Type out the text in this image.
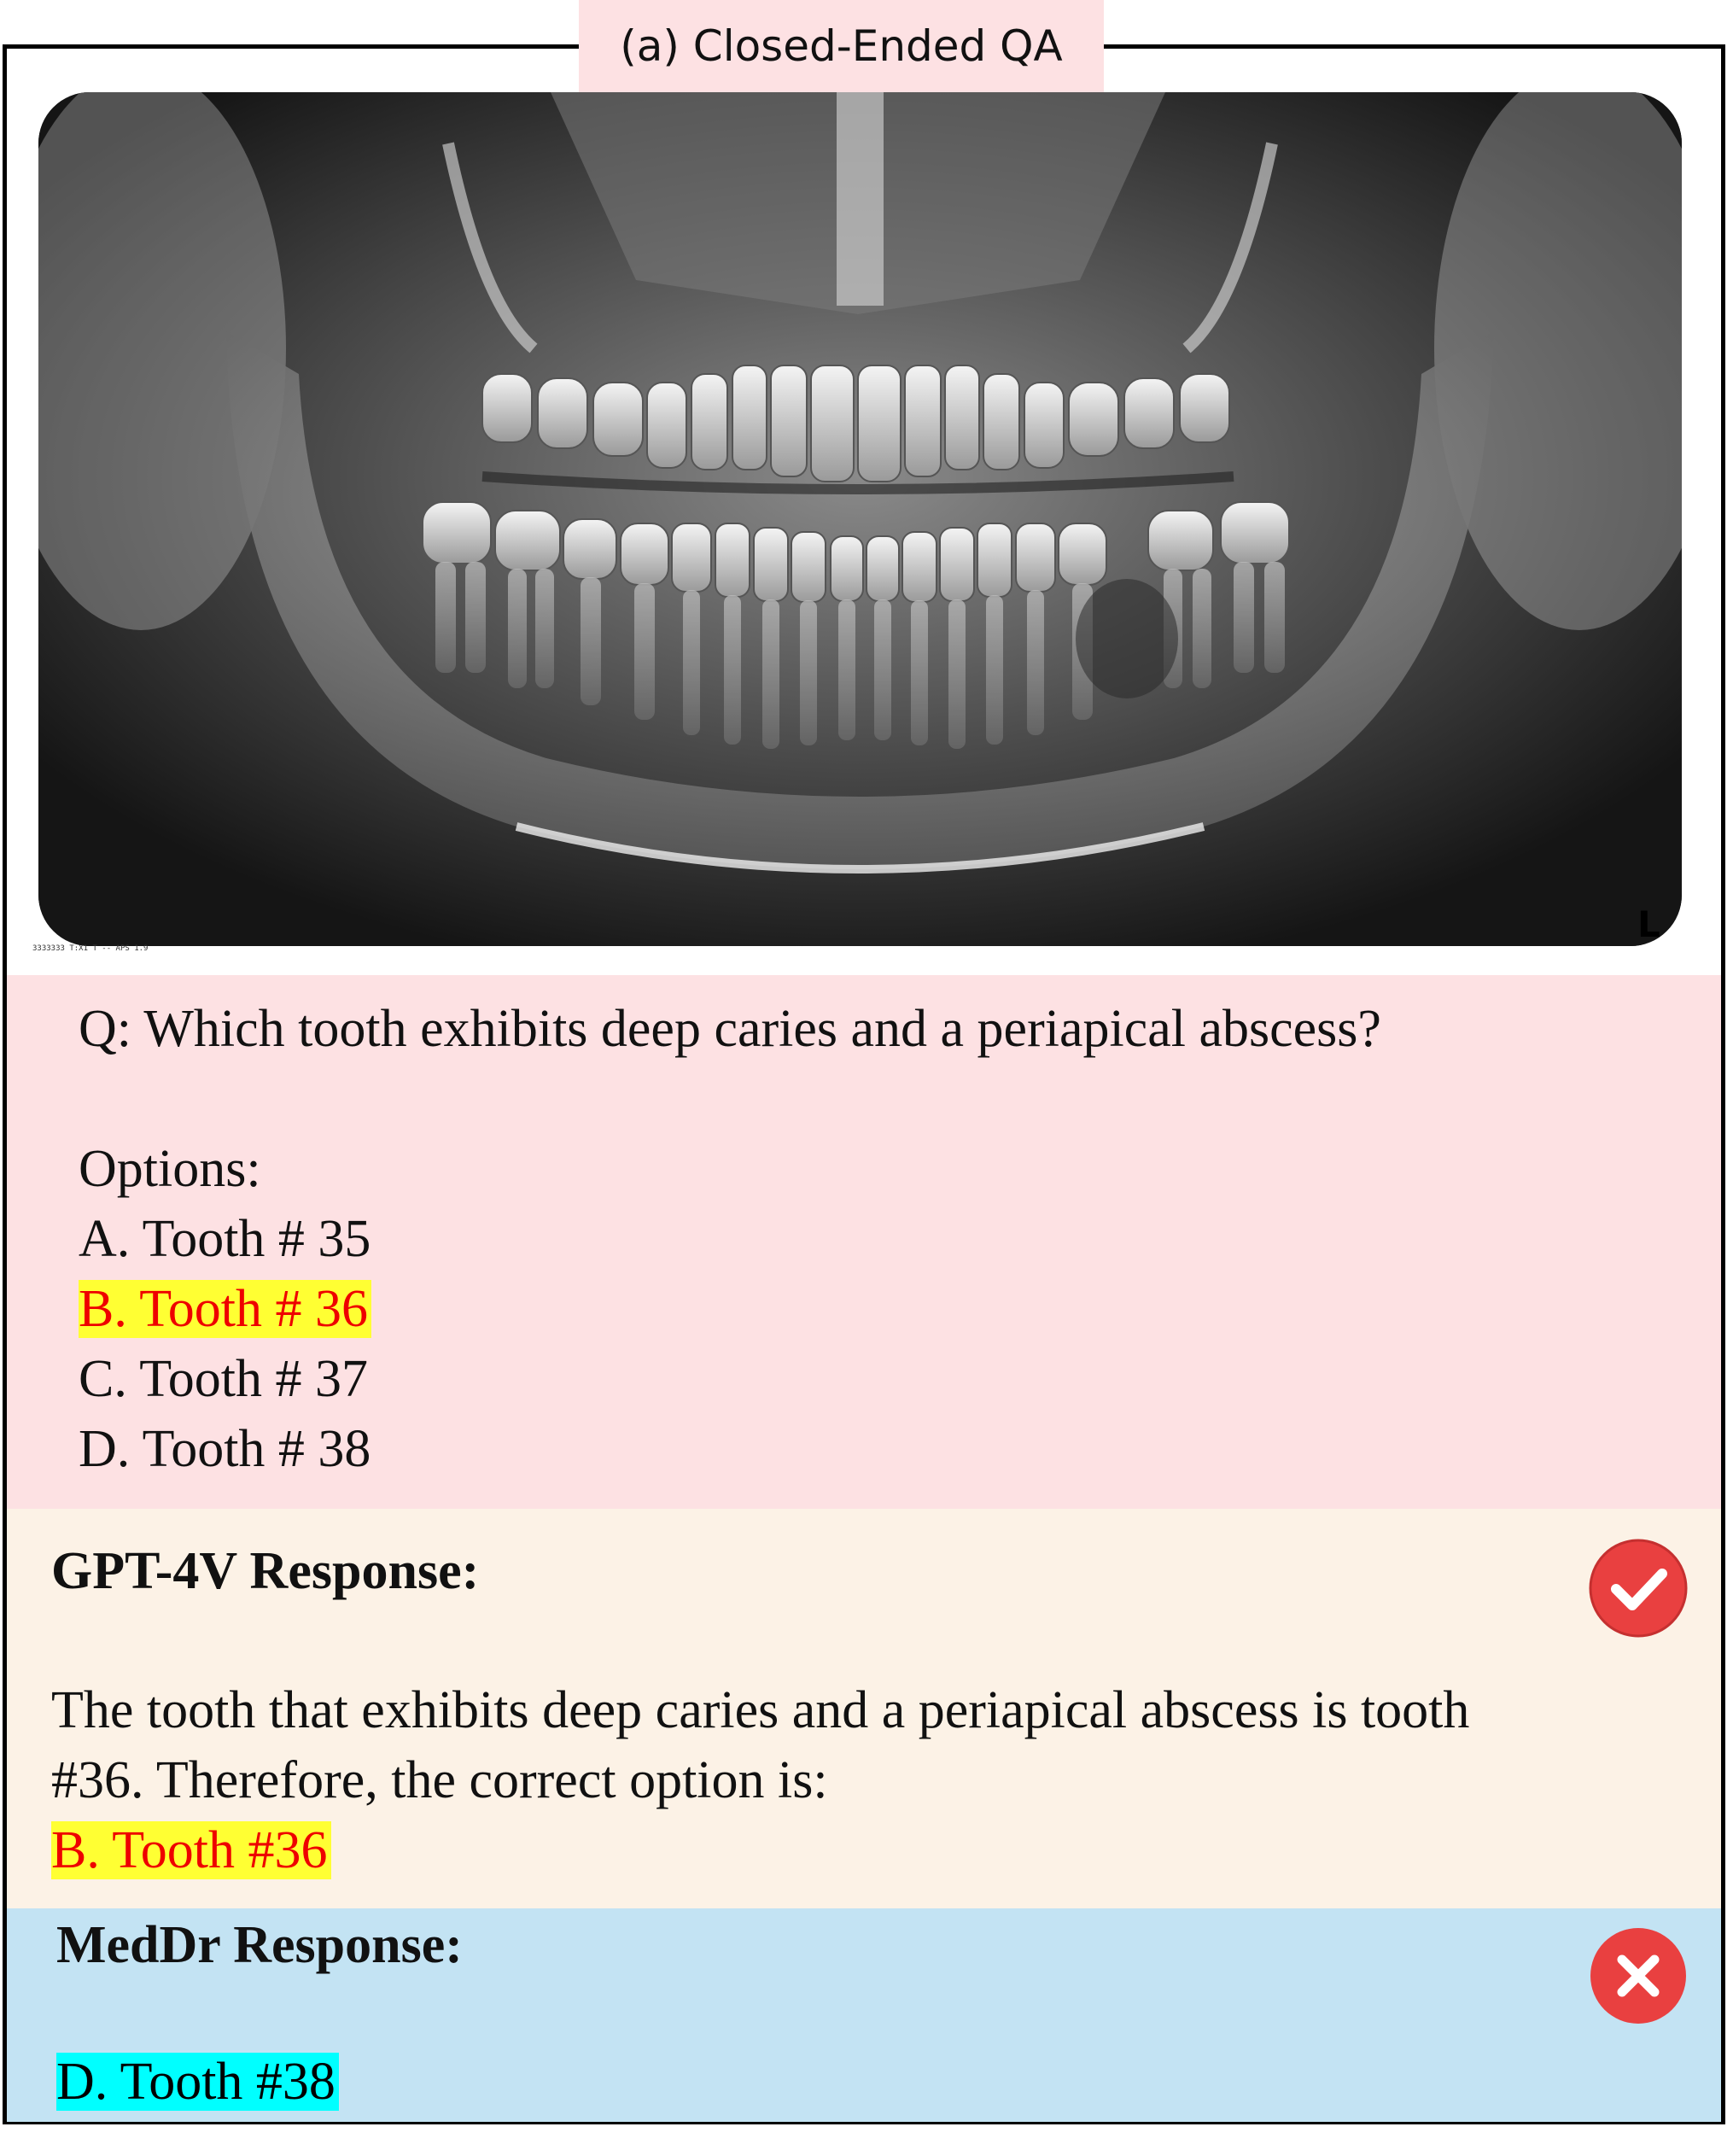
(a) Closed-Ended QA
3333333 T:X1 T -- APS 1.9
L
Q: Which tooth exhibits deep caries and a periapical abscess?
Options:
A. Tooth # 35
B. Tooth # 36
C. Tooth # 37
D. Tooth # 38
GPT-4V Response:
The tooth that exhibits deep caries and a periapical abscess is tooth
#36. Therefore, the correct option is:
B. Tooth #36
MedDr Response:
D. Tooth #38
